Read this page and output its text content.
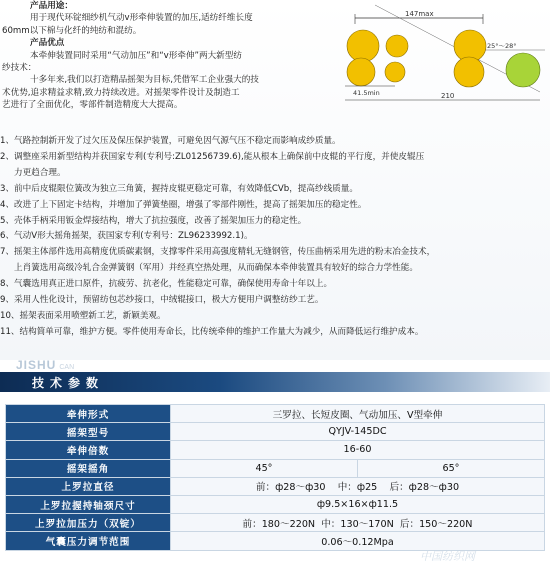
产品用途：

用于现代环锭细纱机气动v形牵伸装置的加压,适纺纤维长度

60mm以下棉与化纤的纯纺和混纺。

产品优点

本牵伸装置同时采用“气动加压”和“v形牵伸”两大新型纺

纱技术：

十多年来,我们以打造精品摇架为目标,凭借军工企业强大的技

术优势,追求精益求精,致力持续改进。对摇架零件设计及制造工

艺进行了全面优化，零部件制造精度大大提高。

147max
25°～28°
41.5min	210
1、气路控制新开发了过欠压及保压保护装置，可避免因气源气压不稳定而影响成纱质量。
2、调整座采用新型结构并获国家专利(专利号:ZL01256739.6),能从根本上确保前中皮辊的平行度，并使皮辊压
力更趋合理。
3、前中后皮辊限位簧改为独立三角簧，握持皮辊更稳定可靠，有效降低CVb，提高纱线质量。
4、改进了上下固定卡结构，并增加了弹簧垫圈，增强了零部件刚性，提高了摇架加压的稳定性。
5、壳体手柄采用钣金焊接结构，增大了抗拉强度，改善了摇架加压力的稳定性。
6、气动V形大摇角摇架，获国家专利(专利号：ZL96233992.1)。
7、摇架主体部件选用高精度优质碳素钢，支撑零件采用高强度精轧无缝钢管，传压曲柄采用先进的粉末冶金技术，
上肖簧选用高级冷轧合金弹簧钢（军用）并经真空热处理，从而确保本牵伸装置具有较好的综合力学性能。
8、气囊选用真正进口原件，抗疲劳、抗老化，性能稳定可靠，确保使用寿命十年以上。
9、采用人性化设计，预留纺包芯纱接口，中绒辊接口，极大方便用户调整纺纱工艺。
10、摇架表面采用喷塑新工艺，新颖美观。
11、结构简单可靠，维护方便。零件使用寿命长，比传统牵伸的维护工作量大为减少，从而降低运行维护成本。
JISHU CAN
技术参数
牵伸形式	三罗拉、长短皮圈、气动加压、V型牵伸	
摇架型号	QYJV-145DC	
牵伸倍数	16-60	
摇架摇角	45°	65°
上罗拉直径	前：ф28～ф30    中：ф25    后：ф28～ф30	
上罗拉握持轴颈尺寸	ф9.5×16×ф11.5	
上罗拉加压力（双锭）	前：180～220N  中：130～170N  后：150～220N	
气囊压力调节范围	0.06～0.12Mpa	
中国纺织网
